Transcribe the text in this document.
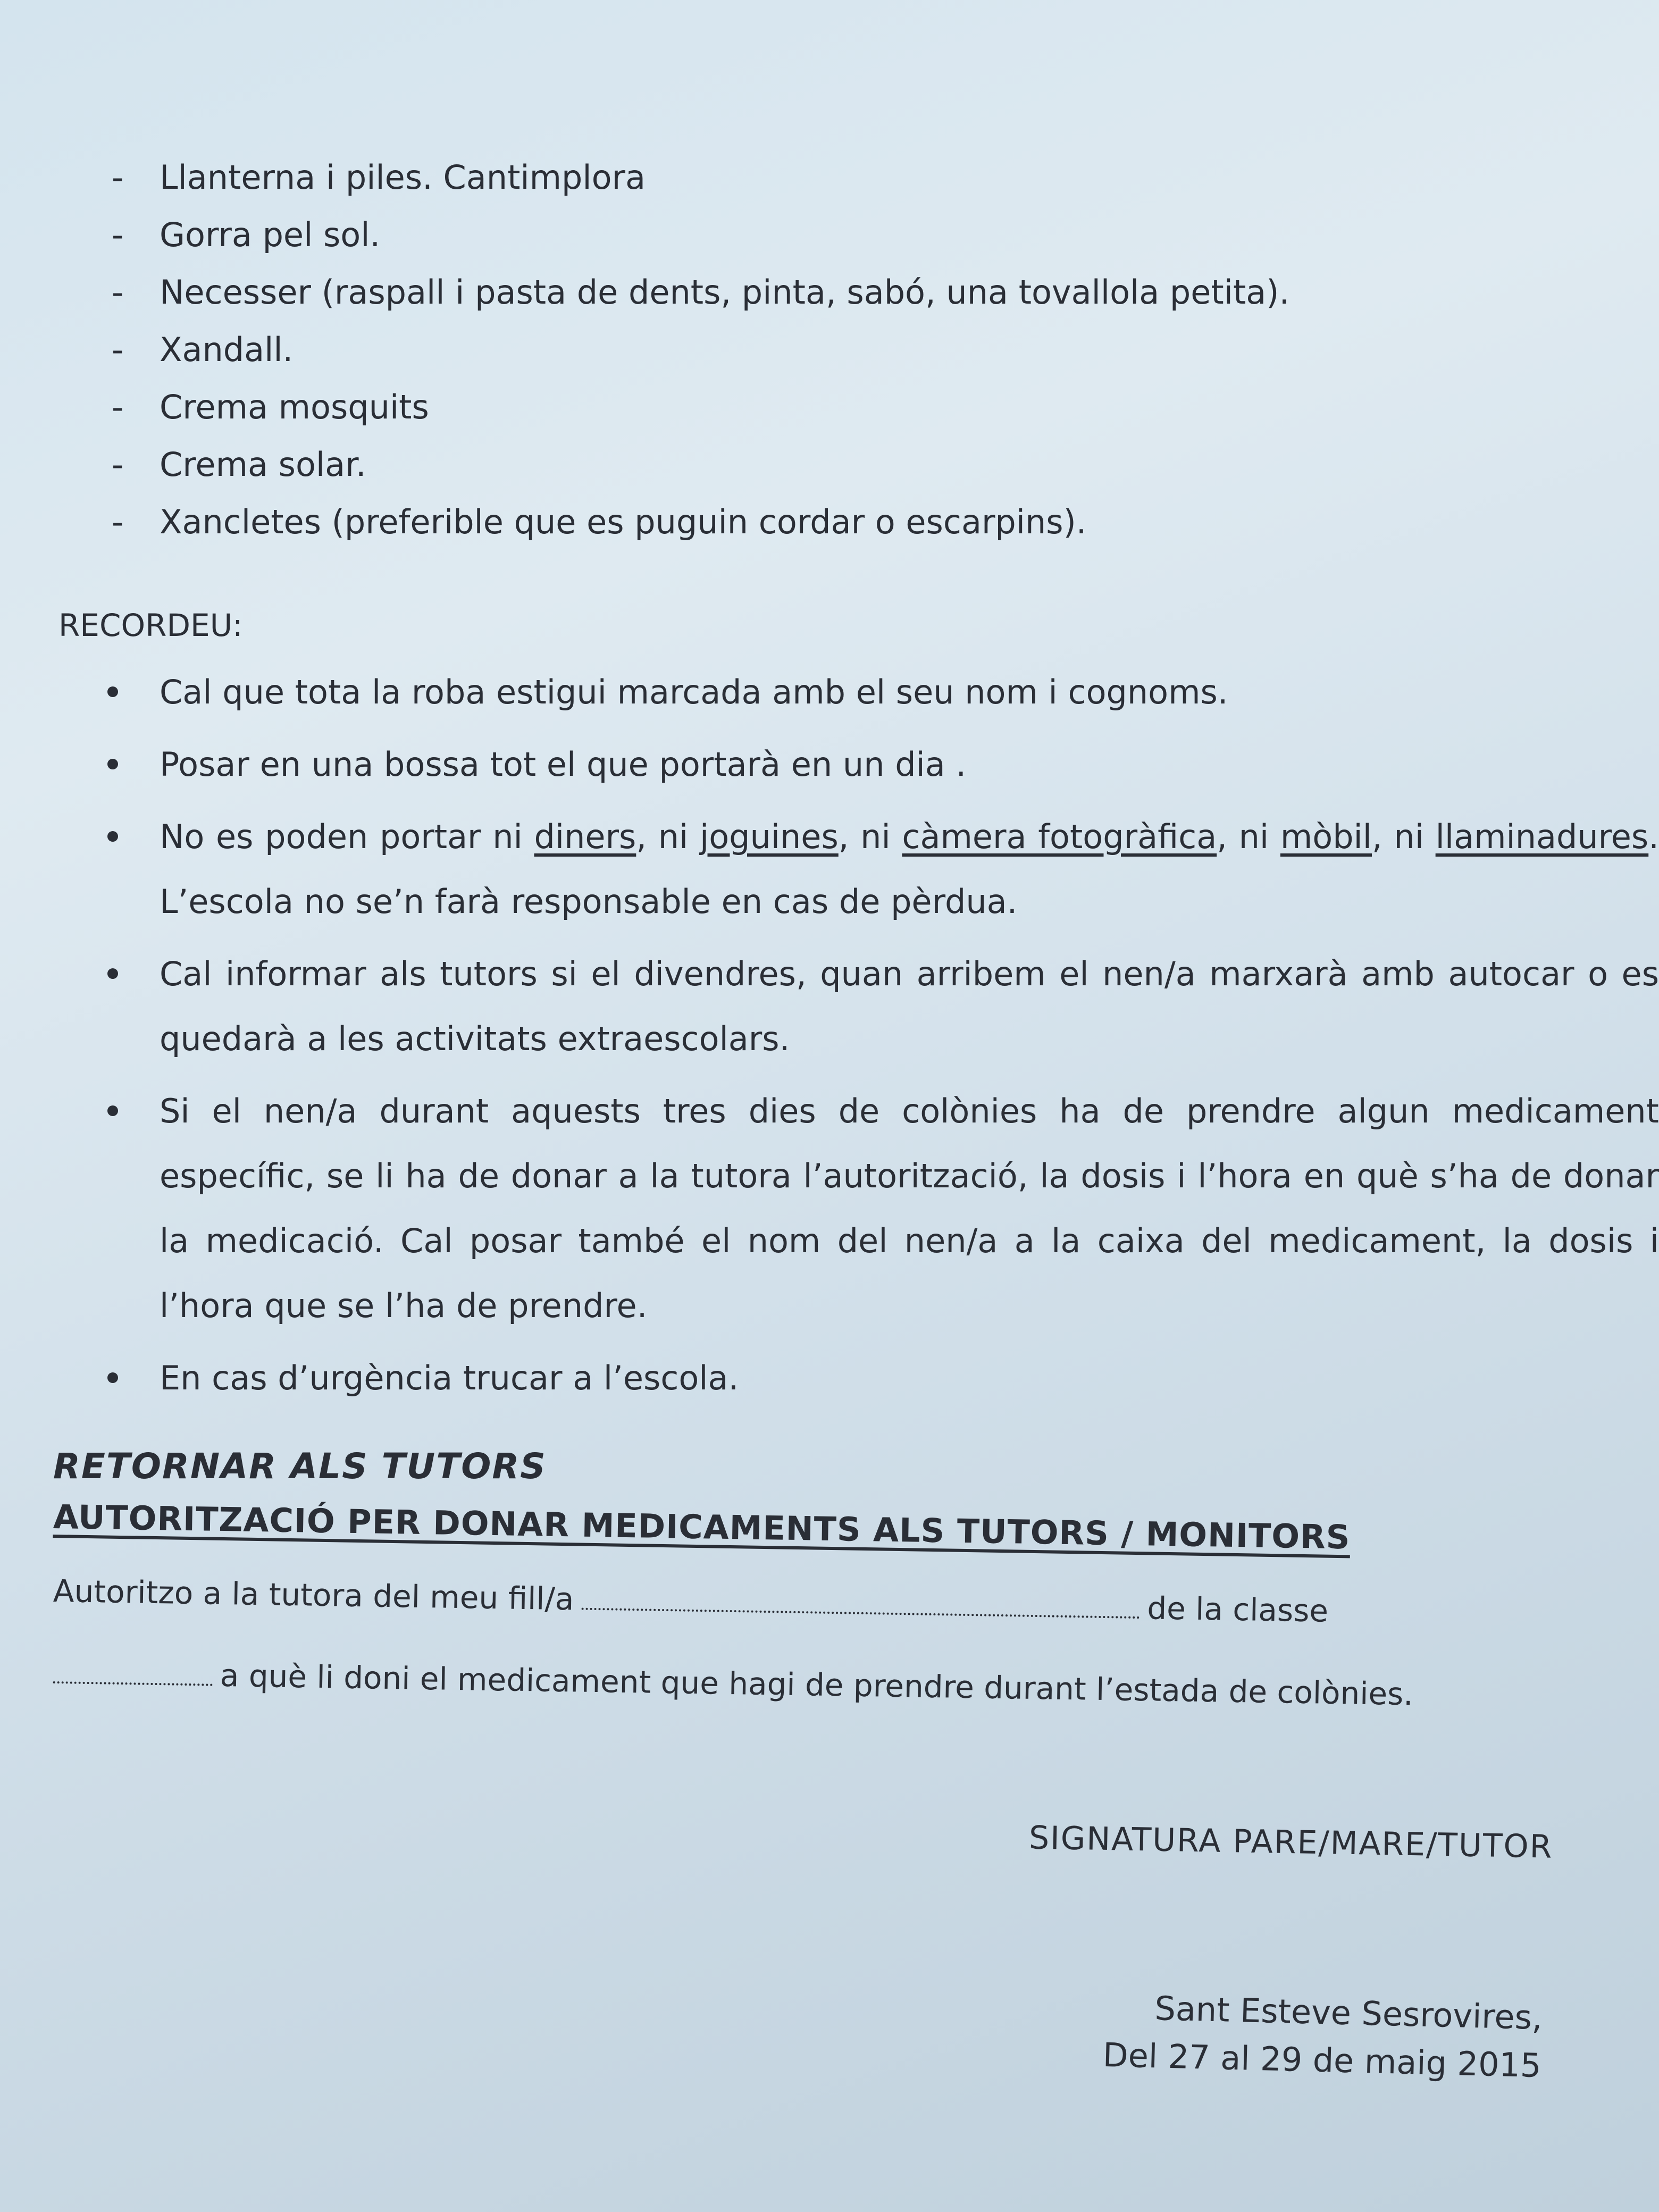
- Llanterna i piles. Cantimplora
- Gorra pel sol.
- Necesser (raspall i pasta de dents, pinta, sabó, una tovallola petita).
- Xandall.
- Crema mosquits
- Crema solar.
- Xancletes (preferible que es puguin cordar o escarpins).
RECORDEU:
Cal que tota la roba estigui marcada amb el seu nom i cognoms.
Posar en una bossa tot el que portarà en un dia .
No es poden portar ni diners, ni joguines, ni càmera fotogràfica, ni mòbil, ni llaminadures. L’escola no se’n farà responsable en cas de pèrdua.
Cal informar als tutors si el divendres, quan arribem el nen/a marxarà amb autocar o es quedarà a les activitats extraescolars.
Si el nen/a durant aquests tres dies de colònies ha de prendre algun medicament específic, se li ha de donar a la tutora l’autorització, la dosis i l’hora en què s’ha de donar la medicació. Cal posar també el nom del nen/a a la caixa del medicament, la dosis i l’hora que se l’ha de prendre.
En cas d’urgència trucar a l’escola.
RETORNAR ALS TUTORS
AUTORITZACIÓ PER DONAR MEDICAMENTS ALS TUTORS / MONITORS
Autoritzo a la tutora del meu fill/a	de la classe
a què li doni el medicament que hagi de prendre durant l’estada de colònies.
SIGNATURA PARE/MARE/TUTOR
Sant Esteve Sesrovires,
Del 27 al 29 de maig 2015
